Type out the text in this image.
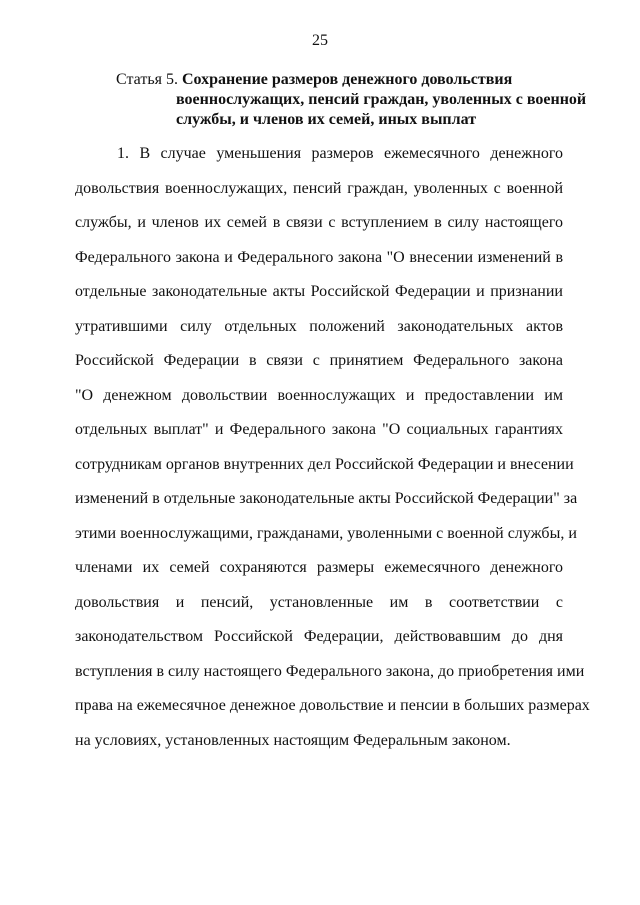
25
Статья 5. Сохранение размеров денежного довольствия
военнослужащих, пенсий граждан, уволенных с военной
службы, и членов их семей, иных выплат
1. В случае уменьшения размеров ежемесячного денежного
довольствия военнослужащих, пенсий граждан, уволенных с военной
службы, и членов их семей в связи с вступлением в силу настоящего
Федерального закона и Федерального закона "О внесении изменений в
отдельные законодательные акты Российской Федерации и признании
утратившими силу отдельных положений законодательных актов
Российской Федерации в связи с принятием Федерального закона
"О денежном довольствии военнослужащих и предоставлении им
отдельных выплат" и Федерального закона "О социальных гарантиях
сотрудникам органов внутренних дел Российской Федерации и внесении
изменений в отдельные законодательные акты Российской Федерации" за
этими военнослужащими, гражданами, уволенными с военной службы, и
членами их семей сохраняются размеры ежемесячного денежного
довольствия и пенсий, установленные им в соответствии с
законодательством Российской Федерации, действовавшим до дня
вступления в силу настоящего Федерального закона, до приобретения ими
права на ежемесячное денежное довольствие и пенсии в больших размерах
на условиях, установленных настоящим Федеральным законом.
